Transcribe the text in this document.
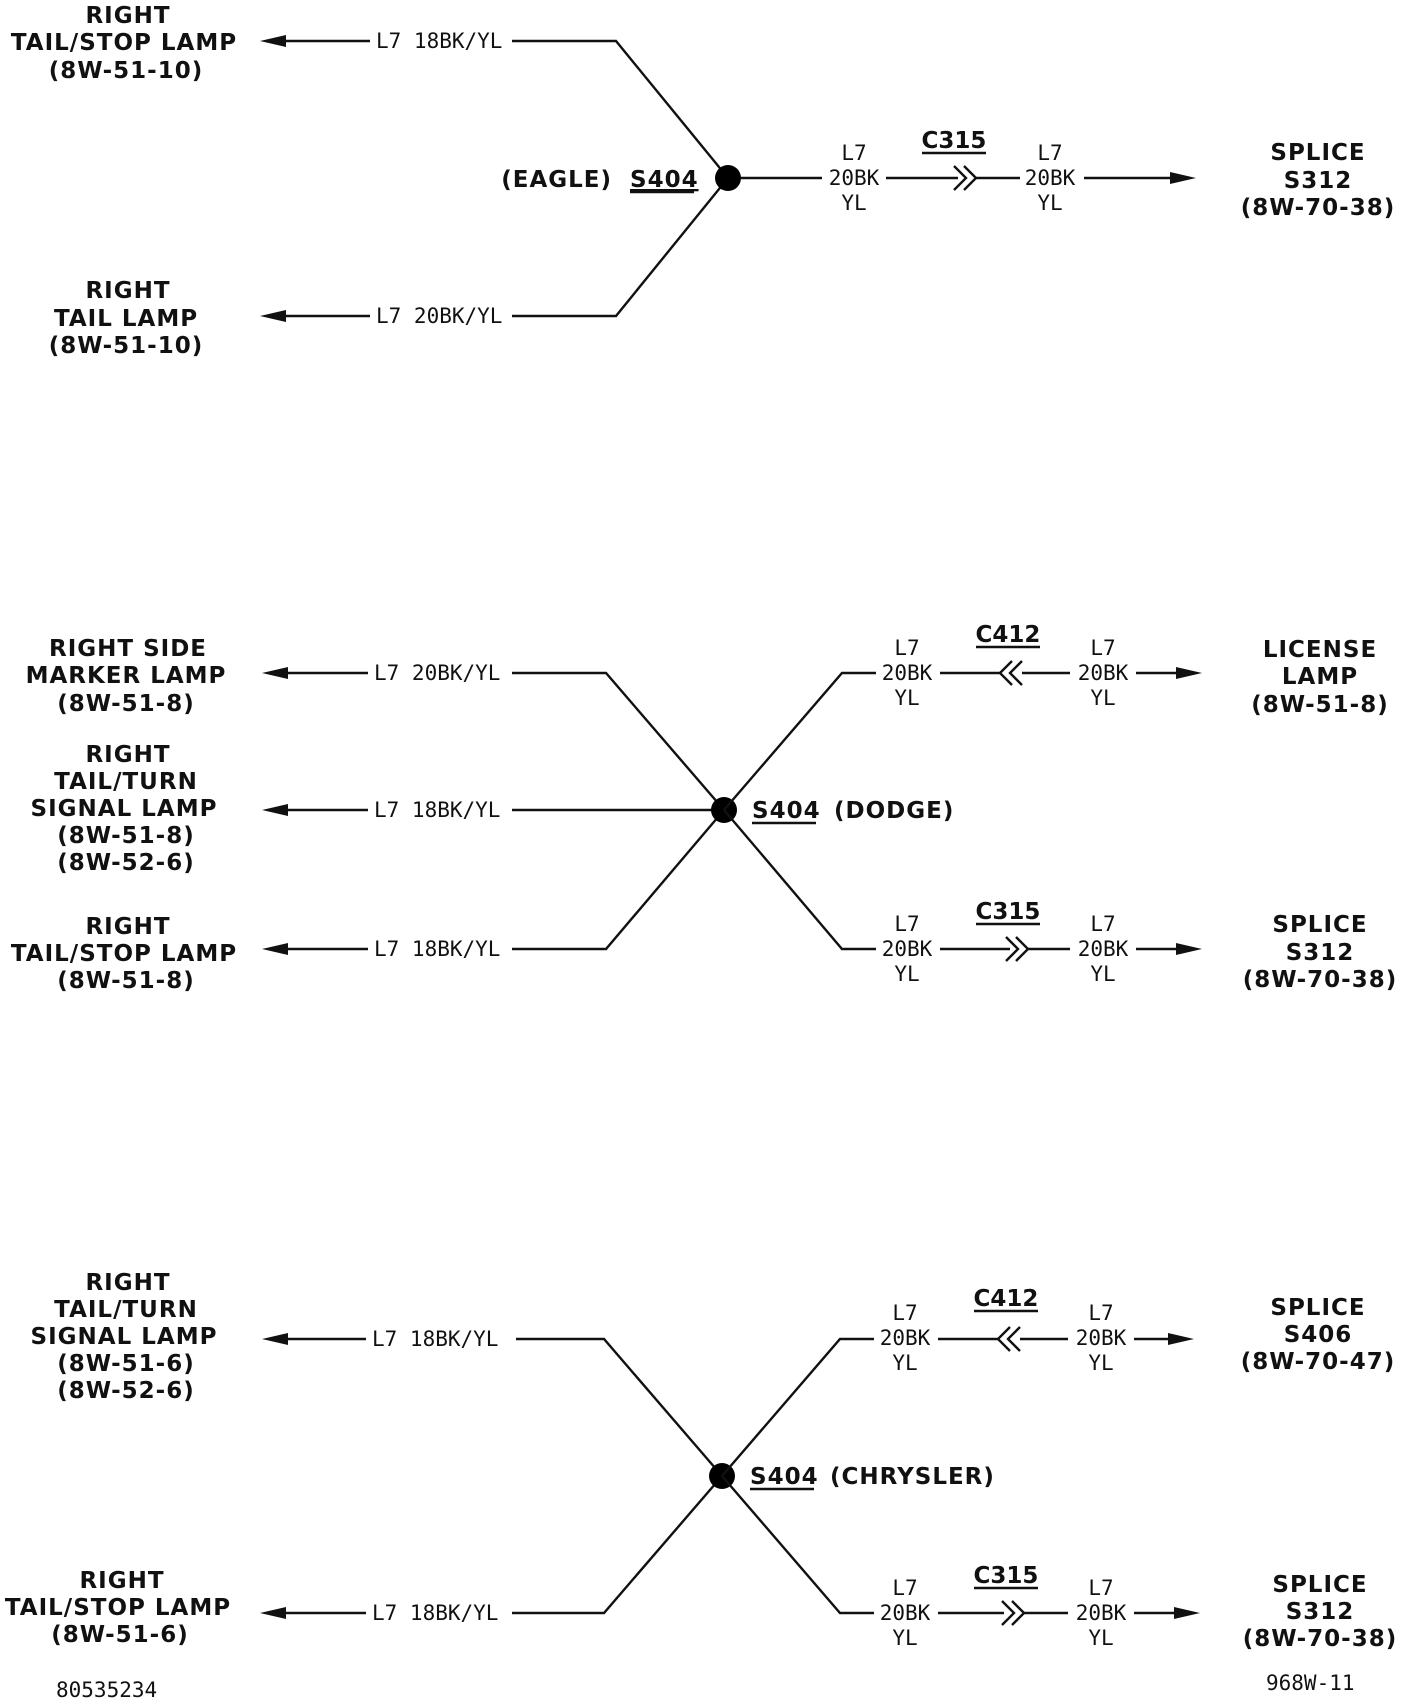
RIGHT
TAIL/STOP LAMP
(8W-51-10)
RIGHT
TAIL LAMP
(8W-51-10)
L7 18BK/YL
L7 20BK/YL
(EAGLE) S404
L7
20BK
YL
C315 L7
20BK
YL
SPLICE
S312
(8W-70-38)
RIGHT SIDE
MARKER LAMP
(8W-51-8)
RIGHT
TAIL/TURN
SIGNAL LAMP
(8W-51-8)
(8W-52-6)
RIGHT
TAIL/STOP LAMP
(8W-51-8)
L7 20BK/YL
L7 18BK/YL
L7 18BK/YL
S404 (DODGE)
L7
20BK
YL
C412 L7
20BK
YL
LICENSE
LAMP
(8W-51-8)
L7
20BK
YL
C315 L7
20BK
YL
SPLICE
S312
(8W-70-38)
RIGHT
TAIL/TURN
SIGNAL LAMP
(8W-51-6)
(8W-52-6)
RIGHT
TAIL/STOP LAMP
(8W-51-6)
L7 18BK/YL
L7 18BK/YL
S404 (CHRYSLER)
L7
20BK
YL
C412
L7
20BK
YL
SPLICE
S406
(8W-70-47)
L7
20BK
YL
C315 L7
20BK
YL
SPLICE
S312
(8W-70-38)
80535234	968W-11
